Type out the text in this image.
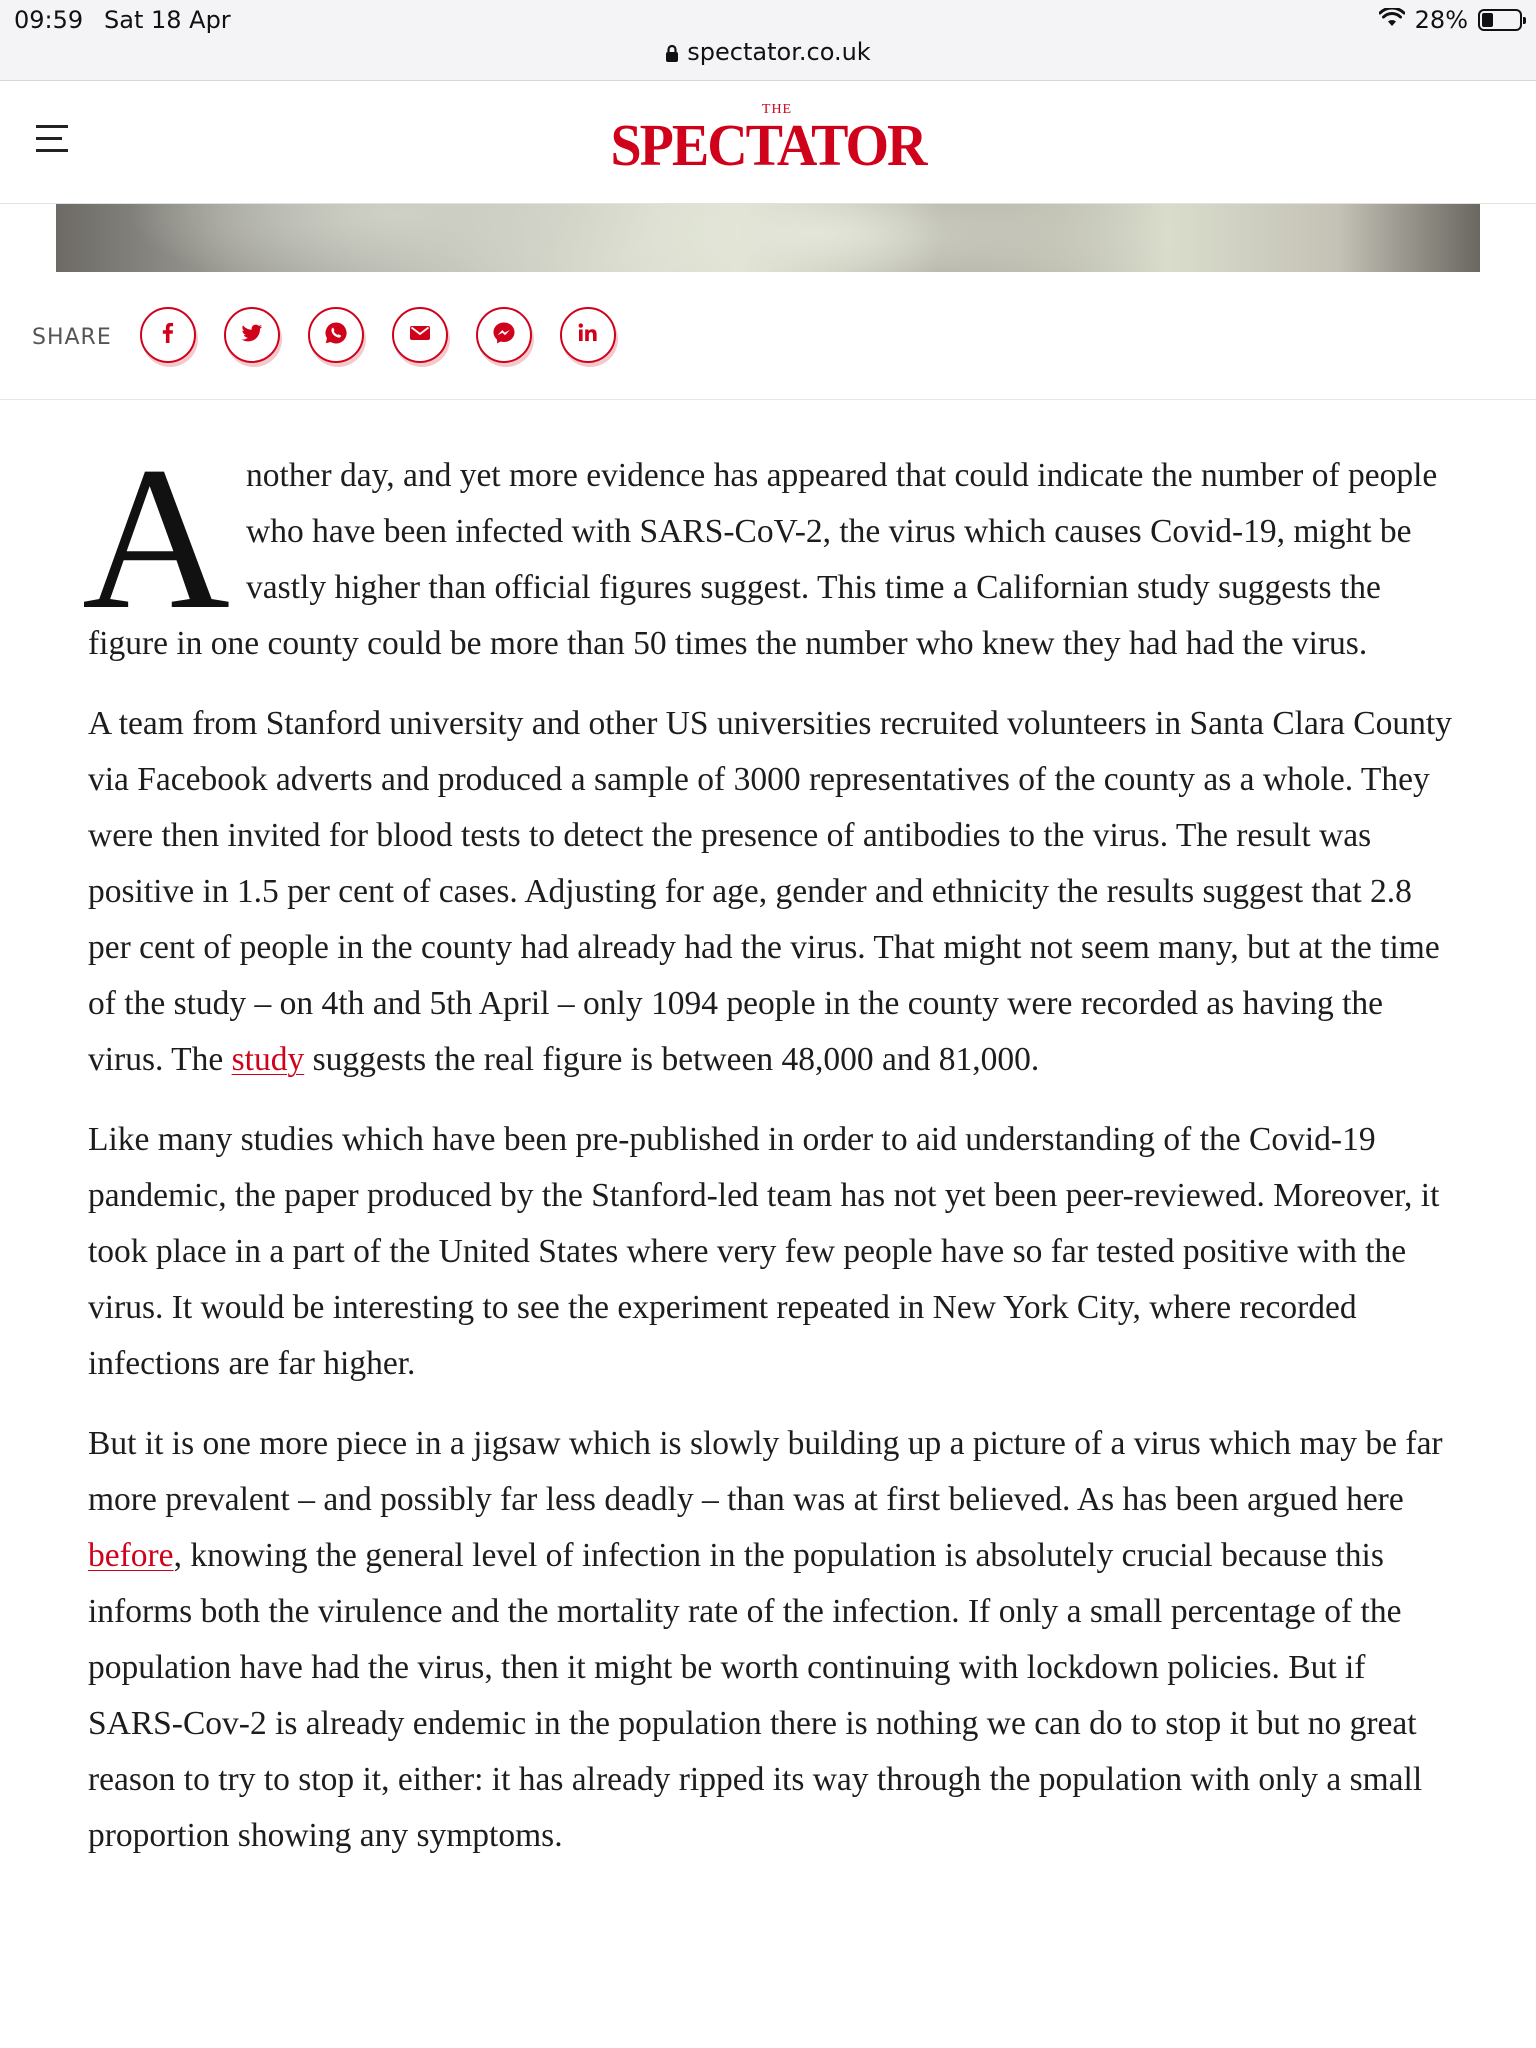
09:59 Sat 18 Apr	28%
spectator.co.uk
THE
SPECTATOR
SHARE

Another day, and yet more evidence has appeared that could indicate the number of people who have been infected with SARS-CoV-2, the virus which causes Covid-19, might be vastly higher than official figures suggest. This time a Californian study suggests the figure in one county could be more than 50 times the number who knew they had had the virus.

A team from Stanford university and other US universities recruited volunteers in Santa Clara County via Facebook adverts and produced a sample of 3000 representatives of the county as a whole. They were then invited for blood tests to detect the presence of antibodies to the virus. The result was positive in 1.5 per cent of cases. Adjusting for age, gender and ethnicity the results suggest that 2.8 per cent of people in the county had already had the virus. That might not seem many, but at the time of the study – on 4th and 5th April – only 1094 people in the county were recorded as having the virus. The study suggests the real figure is between 48,000 and 81,000.

Like many studies which have been pre-published in order to aid understanding of the Covid-19 pandemic, the paper produced by the Stanford-led team has not yet been peer-reviewed. Moreover, it took place in a part of the United States where very few people have so far tested positive with the virus. It would be interesting to see the experiment repeated in New York City, where recorded infections are far higher.

But it is one more piece in a jigsaw which is slowly building up a picture of a virus which may be far more prevalent – and possibly far less deadly – than was at first believed. As has been argued here before, knowing the general level of infection in the population is absolutely crucial because this informs both the virulence and the mortality rate of the infection. If only a small percentage of the population have had the virus, then it might be worth continuing with lockdown policies. But if SARS-Cov-2 is already endemic in the population there is nothing we can do to stop it but no great reason to try to stop it, either: it has already ripped its way through the population with only a small proportion showing any symptoms.
